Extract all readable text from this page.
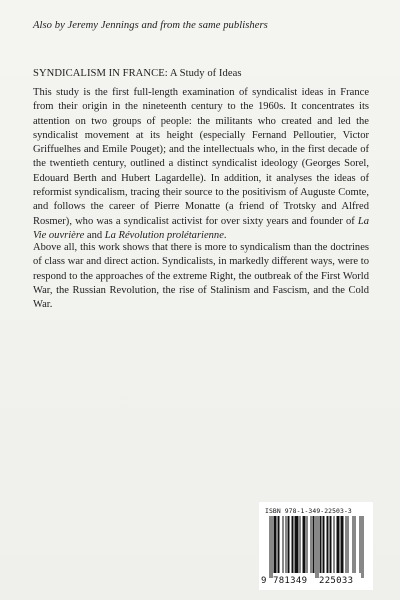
Also by Jeremy Jennings and from the same publishers
SYNDICALISM IN FRANCE: A Study of Ideas

This study is the first full-length examination of syndicalist ideas in France from their origin in the nineteenth century to the 1960s. It concentrates its attention on two groups of people: the militants who created and led the syndicalist movement at its height (especially Fernand Pelloutier, Victor Griffuelhes and Emile Pouget); and the intellectuals who, in the first decade of the twentieth century, outlined a distinct syndicalist ideology (Georges Sorel, Edouard Berth and Hubert Lagardelle). In addition, it analyses the ideas of reformist syndicalism, tracing their source to the positivism of Auguste Comte, and follows the career of Pierre Monatte (a friend of Trotsky and Alfred Rosmer), who was a syndicalist activist for over sixty years and founder of La Vie ouvrière and La Révolution prolétarienne.

Above all, this work shows that there is more to syndicalism than the doctrines of class war and direct action. Syndicalists, in markedly different ways, were to respond to the approaches of the extreme Right, the outbreak of the First World War, the Russian Revolution, the rise of Stalinism and Fascism, and the Cold War.

ISBN 978-1-349-22503-3
9 781349 225033
